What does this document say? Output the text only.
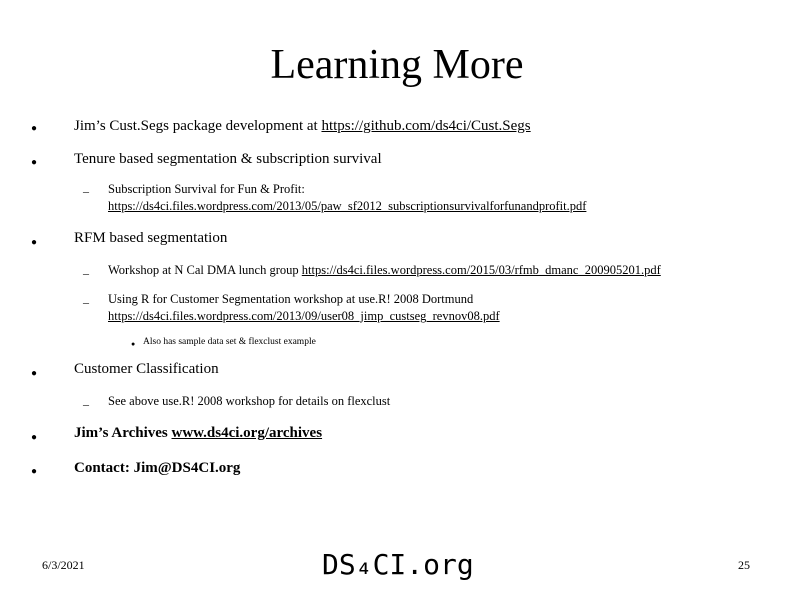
Learning More
● Jim’s Cust.Segs package development at https://github.com/ds4ci/Cust.Segs
● Tenure based segmentation & subscription survival
– Subscription Survival for Fun & Profit:
https://ds4ci.files.wordpress.com/2013/05/paw_sf2012_subscriptionsurvivalforfunandprofit.pdf
● RFM based segmentation
– Workshop at N Cal DMA lunch group https://ds4ci.files.wordpress.com/2015/03/rfmb_dmanc_200905201.pdf
– Using R for Customer Segmentation workshop at use.R! 2008 Dortmund
https://ds4ci.files.wordpress.com/2013/09/user08_jimp_custseg_revnov08.pdf
● Also has sample data set & flexclust example
● Customer Classification
– See above use.R! 2008 workshop for details on flexclust
● Jim’s Archives www.ds4ci.org/archives
● Contact: Jim@DS4CI.org
6/3/2021	DS₄CI.org	25
